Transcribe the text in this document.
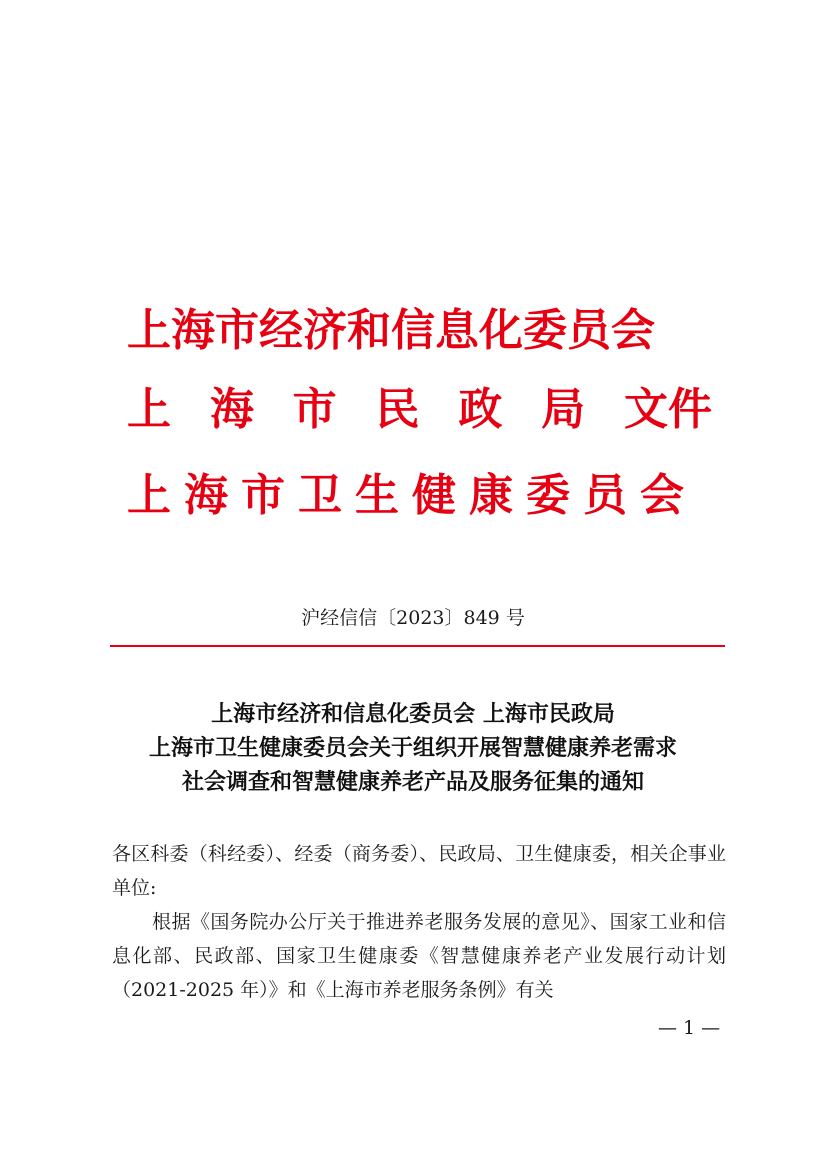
上海市经济和信息化委员会
上 海 市 民 政 局 文件
上海市卫生健康委员会
沪经信信〔2023〕849 号
上海市经济和信息化委员会 上海市民政局
上海市卫生健康委员会关于组织开展智慧健康养老需求
社会调查和智慧健康养老产品及服务征集的通知
各区科委（科经委）、经委（商务委）、民政局、卫生健康委，相关企事业单位:
根据《国务院办公厅关于推进养老服务发展的意见》、国家工业和信息化部、民政部、国家卫生健康委《智慧健康养老产业发展行动计划（2021-2025 年）》和《上海市养老服务条例》有关
— 1 —
